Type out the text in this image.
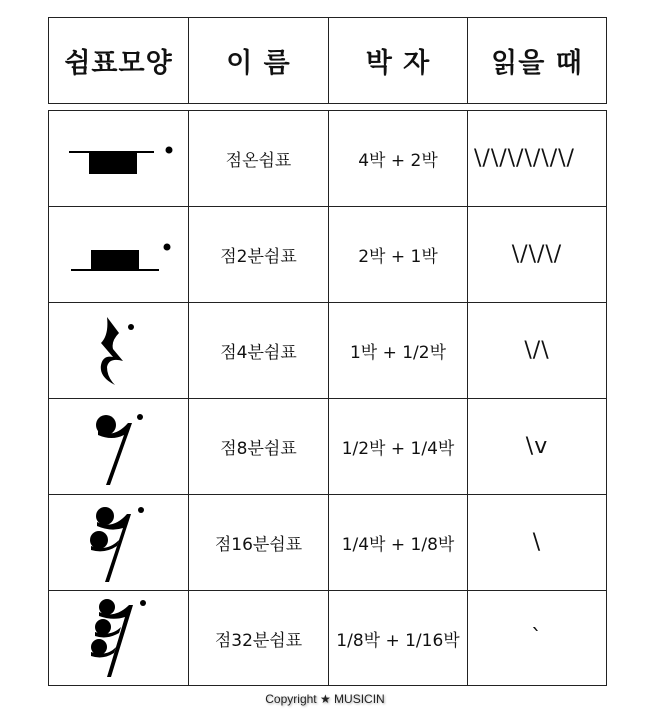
쉼표모양	이 름	박 자	읽을 때
점온쉼표	4박 + 2박	\/\/\/\/\/\/
점2분쉼표	2박 + 1박	\/\/\/
점4분쉼표	1박 + 1/2박	\/\
점8분쉼표	1/2박 + 1/4박	\v
점16분쉼표	1/4박 + 1/8박	\
점32분쉼표	1/8박 + 1/16박	ˋ
Copyright ★ MUSICIN
